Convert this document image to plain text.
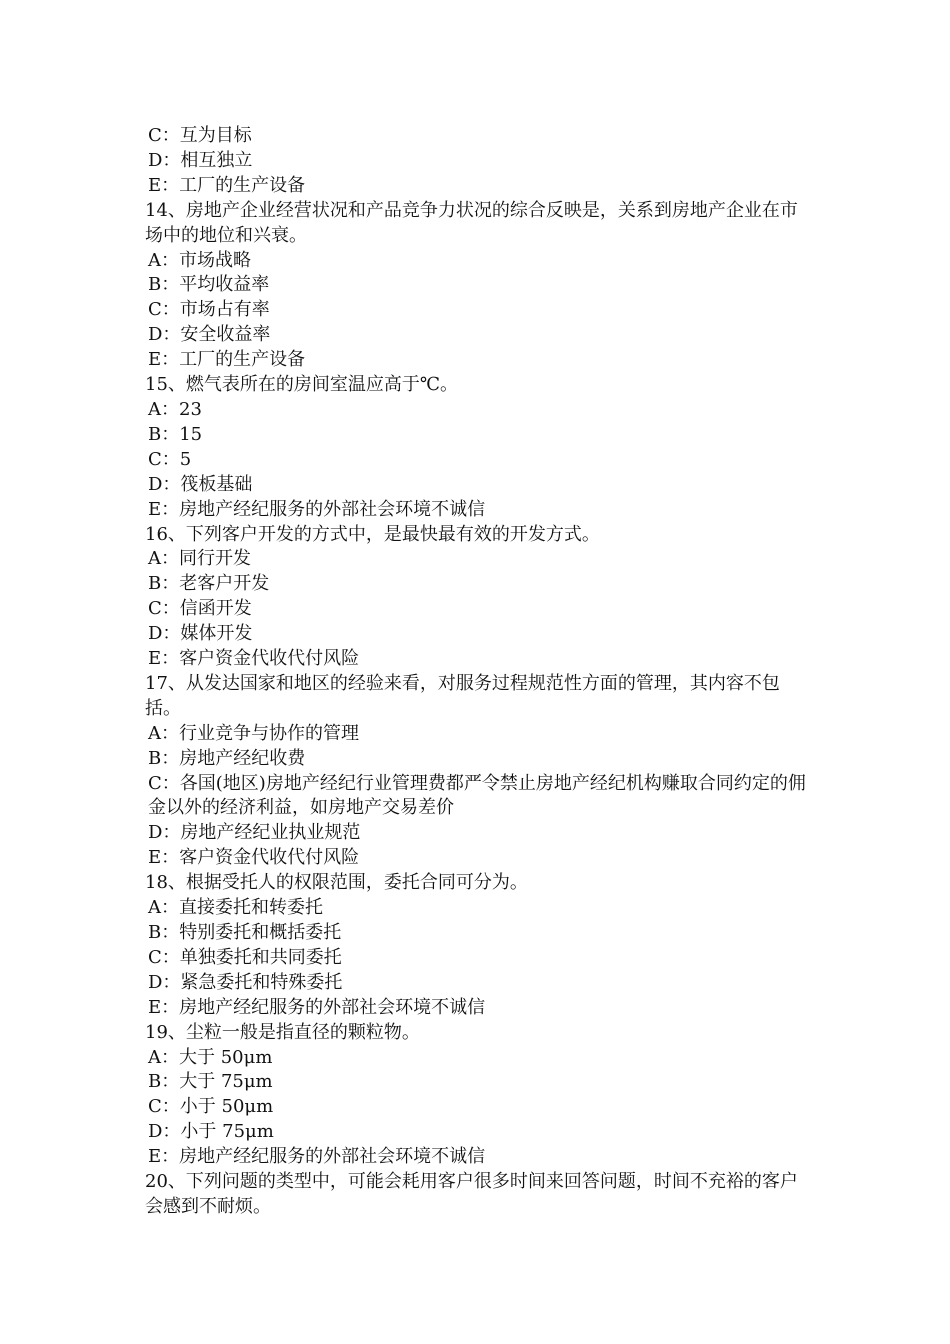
C：互为目标
D：相互独立
E：工厂的生产设备
14、房地产企业经营状况和产品竞争力状况的综合反映是，关系到房地产企业在市场中的地位和兴衰。
A：市场战略
B：平均收益率
C：市场占有率
D：安全收益率
E：工厂的生产设备
15、燃气表所在的房间室温应高于℃。
A：23
B：15
C：5
D：筏板基础
E：房地产经纪服务的外部社会环境不诚信
16、下列客户开发的方式中，是最快最有效的开发方式。
A：同行开发
B：老客户开发
C：信函开发
D：媒体开发
E：客户资金代收代付风险
17、从发达国家和地区的经验来看，对服务过程规范性方面的管理，其内容不包括。
A：行业竞争与协作的管理
B：房地产经纪收费
C：各国(地区)房地产经纪行业管理费都严令禁止房地产经纪机构赚取合同约定的佣金以外的经济利益，如房地产交易差价
D：房地产经纪业执业规范
E：客户资金代收代付风险
18、根据受托人的权限范围，委托合同可分为。
A：直接委托和转委托
B：特别委托和概括委托
C：单独委托和共同委托
D：紧急委托和特殊委托
E：房地产经纪服务的外部社会环境不诚信
19、尘粒一般是指直径的颗粒物。
A：大于 50μm
B：大于 75μm
C：小于 50μm
D：小于 75μm
E：房地产经纪服务的外部社会环境不诚信
20、下列问题的类型中，可能会耗用客户很多时间来回答问题，时间不充裕的客户会感到不耐烦。
